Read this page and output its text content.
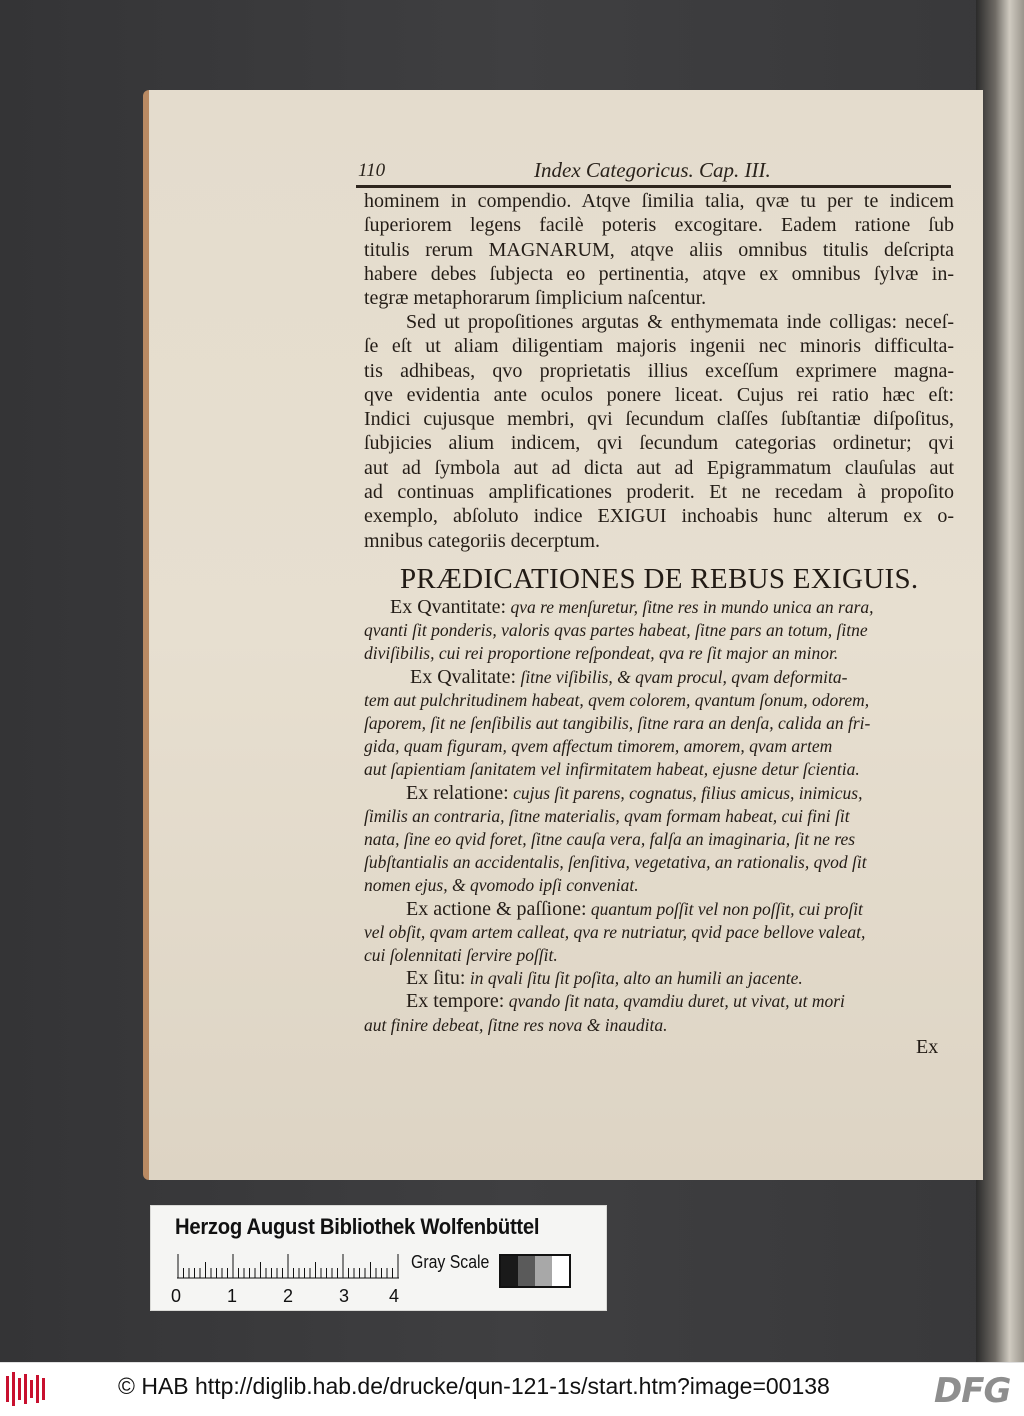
110	Index Categoricus. Cap. III.
hominem in compendio. Atqve ſimilia talia, qvæ tu per te indicem
ſuperiorem legens facilè poteris excogitare. Eadem ratione ſub
titulis rerum MAGNARUM, atqve aliis omnibus titulis deſcripta
habere debes ſubjecta eo pertinentia, atqve ex omnibus ſylvæ in-
tegræ metaphorarum ſimplicium naſcentur.
Sed ut propoſitiones argutas & enthymemata inde colligas: neceſ-
ſe eſt ut aliam diligentiam majoris ingenii nec minoris difficulta-
tis adhibeas, qvo proprietatis illius exceſſum exprimere magna-
qve evidentia ante oculos ponere liceat. Cujus rei ratio hæc eſt:
Indici cujusque membri, qvi ſecundum claſſes ſubſtantiæ diſpoſitus,
ſubjicies alium indicem, qvi ſecundum categorias ordinetur; qvi
aut ad ſymbola aut ad dicta aut ad Epigrammatum clauſulas aut
ad continuas amplificationes proderit. Et ne recedam à propoſito
exemplo, abſoluto indice EXIGUI inchoabis hunc alterum ex o-
mnibus categoriis decerptum.
PRÆDICATIONES DE REBUS EXIGUIS.
Ex Qvantitate: qva re menſuretur, ſitne res in mundo unica an rara,
qvanti ſit ponderis, valoris qvas partes habeat, ſitne pars an totum, ſitne
diviſibilis, cui rei proportione reſpondeat, qva re ſit major an minor.
Ex Qvalitate: ſitne viſibilis, & qvam procul, qvam deformita-
tem aut pulchritudinem habeat, qvem colorem, qvantum ſonum, odorem,
ſaporem, ſit ne ſenſibilis aut tangibilis, ſitne rara an denſa, calida an fri-
gida, quam figuram, qvem affectum timorem, amorem, qvam artem
aut ſapientiam ſanitatem vel infirmitatem habeat, ejusne detur ſcientia.
Ex relatione: cujus ſit parens, cognatus, filius amicus, inimicus,
ſimilis an contraria, ſitne materialis, qvam formam habeat, cui fini ſit
nata, ſine eo qvid foret, ſitne cauſa vera, falſa an imaginaria, ſit ne res
ſubſtantialis an accidentalis, ſenſitiva, vegetativa, an rationalis, qvod ſit
nomen ejus, & qvomodo ipſi conveniat.
Ex actione & paſſione: quantum poſſit vel non poſſit, cui proſit
vel obſit, qvam artem calleat, qva re nutriatur, qvid pace bellove valeat,
cui ſolennitati ſervire poſſit.
Ex ſitu: in qvali ſitu ſit poſita, alto an humili an jacente.
Ex tempore: qvando ſit nata, qvamdiu duret, ut vivat, ut mori
aut finire debeat, ſitne res nova & inaudita.
Ex
Herzog August Bibliothek Wolfenbüttel
0	1	2	3 4
Gray Scale
© HAB http://diglib.hab.de/drucke/qun-121-1s/start.htm?image=00138	DFG
